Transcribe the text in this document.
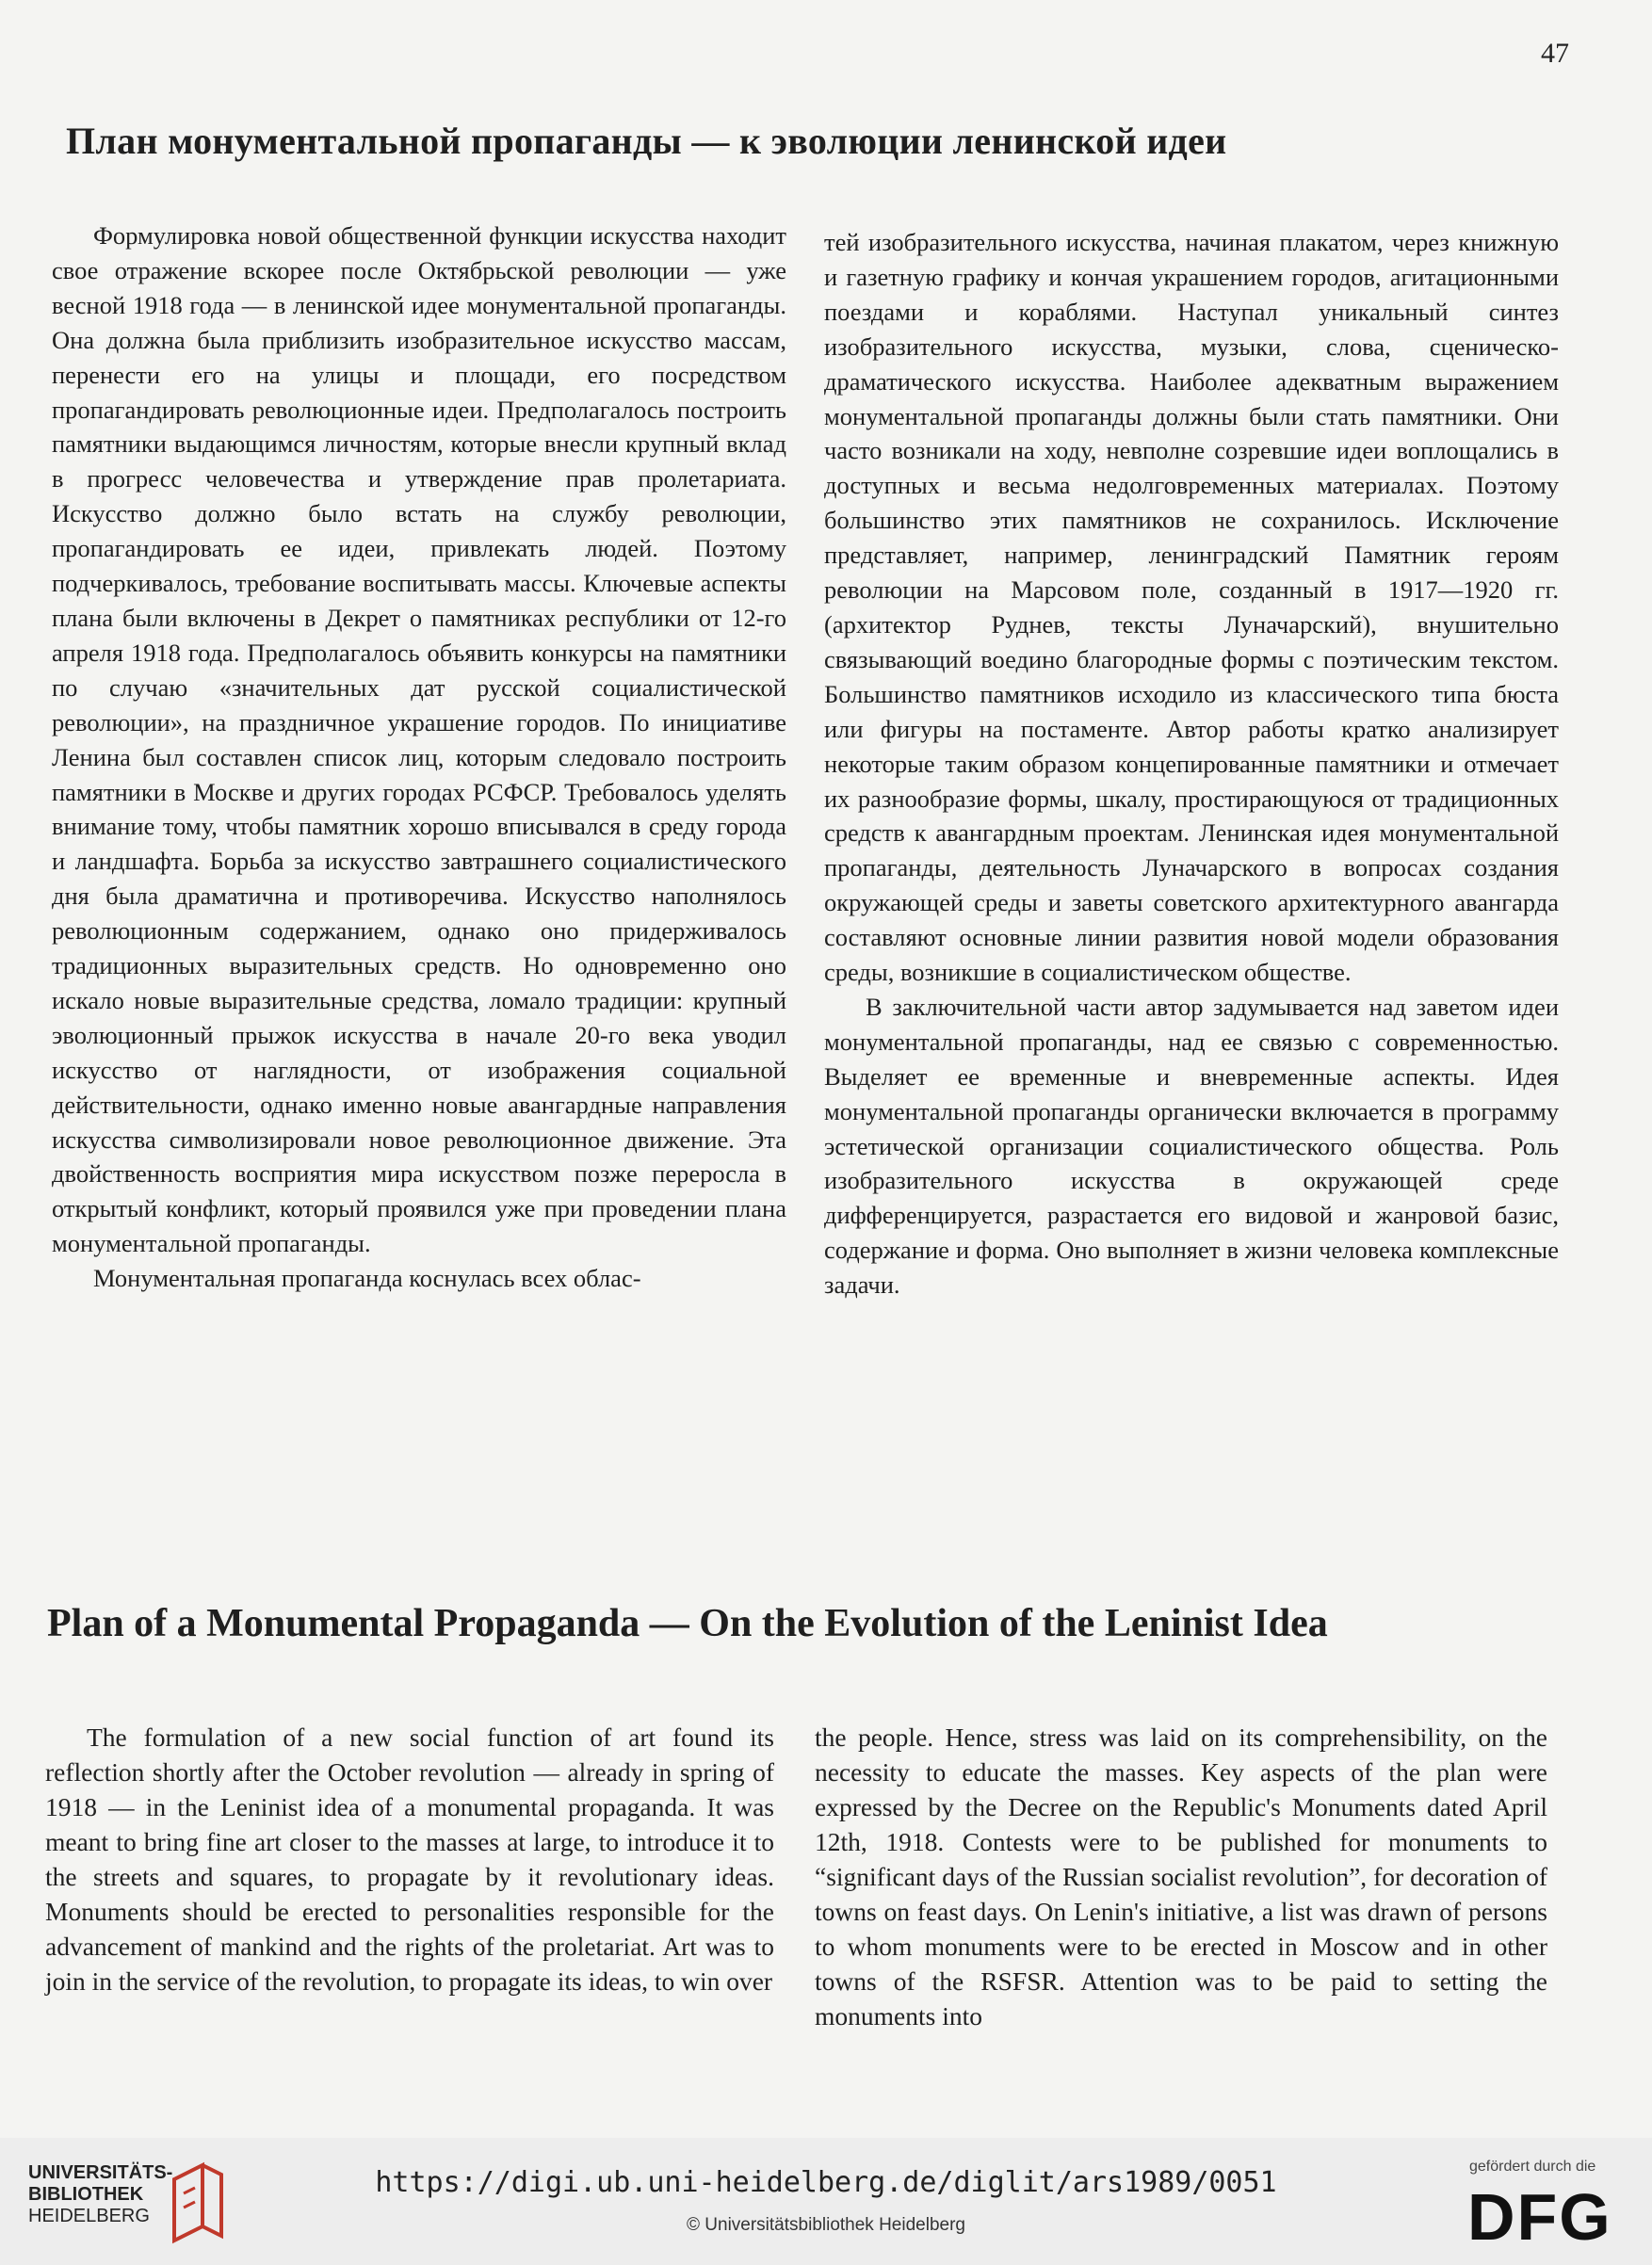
47
План монументальной пропаганды — к эволюции ленинской идеи

Формулировка новой общественной функции искусства находит свое отражение вскорее после Октябрьской революции — уже весной 1918 года — в ленинской идее монументальной пропаганды. Она должна была приблизить изобразительное искусство массам, перенести его на улицы и площади, его посредством пропагандировать революционные идеи. Предполагалось построить памятники выдающимся личностям, которые внесли крупный вклад в прогресс человечества и утверждение прав пролетариата. Искусство должно было встать на службу революции, пропагандировать ее идеи, привлекать людей. Поэтому подчеркивалось, требование воспитывать массы. Ключевые аспекты плана были включены в Декрет о памятниках республики от 12-го апреля 1918 года. Предполагалось объявить конкурсы на памятники по случаю «значительных дат русской социалистической революции», на праздничное украшение городов. По инициативе Ленина был составлен список лиц, которым следовало построить памятники в Москве и других городах РСФСР. Требовалось уделять внимание тому, чтобы памятник хорошо вписывался в среду города и ландшафта. Борьба за искусство завтрашнего социалистического дня была драматична и противоречива. Искусство наполнялось революционным содержанием, однако оно придерживалось традиционных выразительных средств. Но одновременно оно искало новые выразительные средства, ломало традиции: крупный эволюционный прыжок искусства в начале 20-го века уводил искусство от наглядности, от изображения социальной действительности, однако именно новые авангардные направления искусства символизировали новое революционное движение. Эта двойственность восприятия мира искусством позже переросла в открытый конфликт, который проявился уже при проведении плана монументальной пропаганды.

Монументальная пропаганда коснулась всех облас-

тей изобразительного искусства, начиная плакатом, через книжную и газетную графику и кончая украшением городов, агитационными поездами и кораблями. Наступал уникальный синтез изобразительного искусства, музыки, слова, сценическо-драматического искусства. Наиболее адекватным выражением монументальной пропаганды должны были стать памятники. Они часто возникали на ходу, невполне созревшие идеи воплощались в доступных и весьма недолговременных материалах. Поэтому большинство этих памятников не сохранилось. Исключение представляет, например, ленинградский Памятник героям революции на Марсовом поле, созданный в 1917—1920 гг. (архитектор Руднев, тексты Луначарский), внушительно связывающий воедино благородные формы с поэтическим текстом. Большинство памятников исходило из классического типа бюста или фигуры на постаменте. Автор работы кратко анализирует некоторые таким образом концепированные памятники и отмечает их разнообразие формы, шкалу, простирающуюся от традиционных средств к авангардным проектам. Ленинская идея монументальной пропаганды, деятельность Луначарского в вопросах создания окружающей среды и заветы советского архитектурного авангарда составляют основные линии развития новой модели образования среды, возникшие в социалистическом обществе.

В заключительной части автор задумывается над заветом идеи монументальной пропаганды, над ее связью с современностью. Выделяет ее временные и вневременные аспекты. Идея монументальной пропаганды органически включается в программу эстетической организации социалистического общества. Роль изобразительного искусства в окружающей среде дифференцируется, разрастается его видовой и жанровой базис, содержание и форма. Оно выполняет в жизни человека комплексные задачи.

Plan of a Monumental Propaganda — On the Evolution of the Leninist Idea

The formulation of a new social function of art found its reflection shortly after the October revolution — already in spring of 1918 — in the Leninist idea of a monumental propaganda. It was meant to bring fine art closer to the masses at large, to introduce it to the streets and squares, to propagate by it revolutionary ideas. Monuments should be erected to personalities responsible for the advancement of mankind and the rights of the proletariat. Art was to join in the service of the revolution, to propagate its ideas, to win over

the people. Hence, stress was laid on its comprehensibility, on the necessity to educate the masses. Key aspects of the plan were expressed by the Decree on the Republic's Monuments dated April 12th, 1918. Contests were to be published for monuments to “significant days of the Russian socialist revolution”, for decoration of towns on feast days. On Lenin's initiative, a list was drawn of persons to whom monuments were to be erected in Moscow and in other towns of the RSFSR. Attention was to be paid to setting the monuments into

UNIVERSITÄTS-
BIBLIOTHEK
HEIDELBERG
https://digi.ub.uni-heidelberg.de/diglit/ars1989/0051
© Universitätsbibliothek Heidelberg
gefördert durch die
DFG
